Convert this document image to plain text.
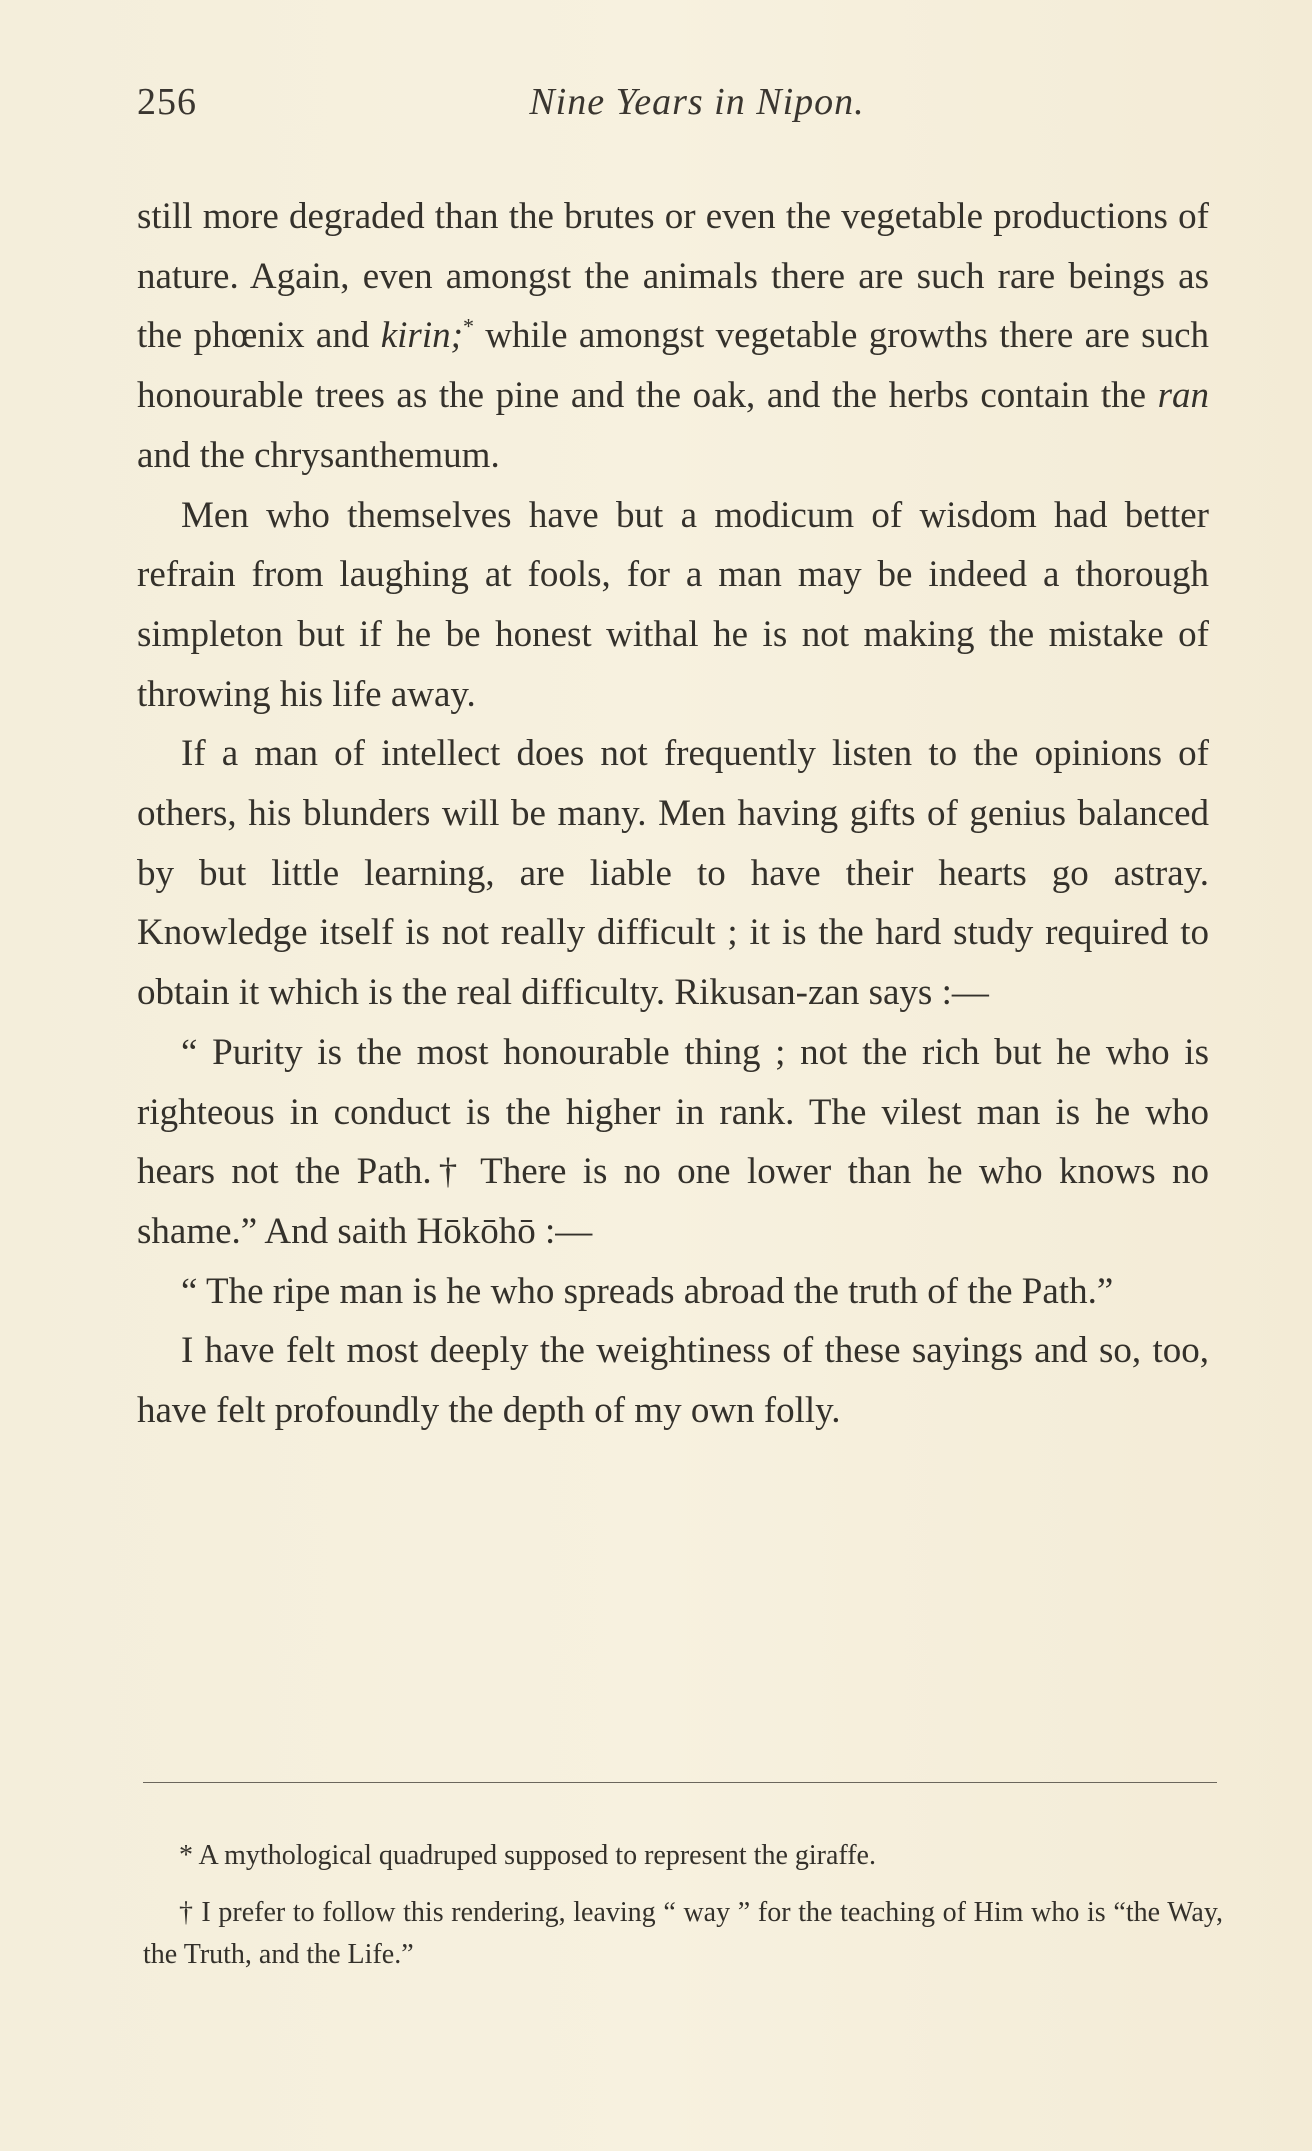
256	Nine Years in Nipon.

still more degraded than the brutes or even the vegetable productions of nature. Again, even amongst the animals there are such rare beings as the phœnix and kirin;* while amongst vegetable growths there are such honourable trees as the pine and the oak, and the herbs contain the ran and the chrysanthemum.

Men who themselves have but a modicum of wisdom had better refrain from laughing at fools, for a man may be indeed a thorough simpleton but if he be honest withal he is not making the mistake of throwing his life away.

If a man of intellect does not frequently listen to the opinions of others, his blunders will be many. Men having gifts of genius balanced by but little learning, are liable to have their hearts go astray. Knowledge itself is not really difficult ; it is the hard study required to obtain it which is the real difficulty. Rikusan-zan says :—

“ Purity is the most honourable thing ; not the rich but he who is righteous in conduct is the higher in rank. The vilest man is he who hears not the Path.† There is no one lower than he who knows no shame.” And saith Hōkōhō :—

“ The ripe man is he who spreads abroad the truth of the Path.”

I have felt most deeply the weightiness of these sayings and so, too, have felt profoundly the depth of my own folly.

* A mythological quadruped supposed to represent the giraffe.

† I prefer to follow this rendering, leaving “ way ” for the teaching of Him who is “the Way, the Truth, and the Life.”
